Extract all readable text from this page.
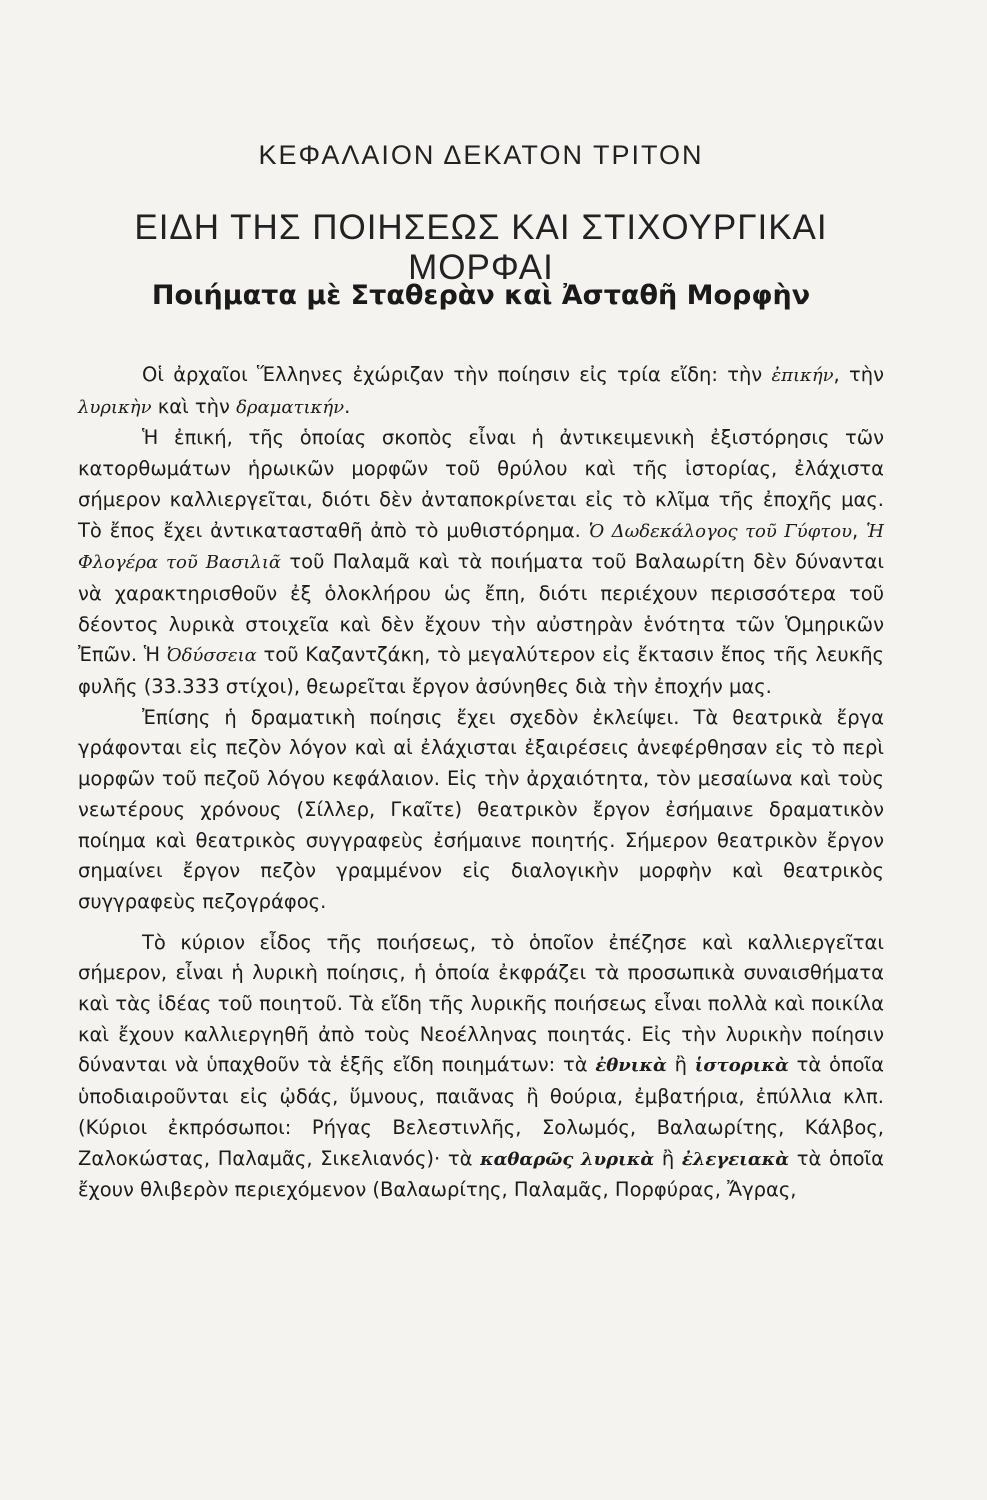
ΚΕΦΑΛΑΙΟΝ ΔΕΚΑΤΟΝ ΤΡΙΤΟΝ
ΕΙΔΗ ΤΗΣ ΠΟΙΗΣΕΩΣ ΚΑΙ ΣΤΙΧΟΥΡΓΙΚΑΙ ΜΟΡΦΑΙ
Ποιήματα μὲ Σταθερὰν καὶ Ἀσταθῆ Μορφὴν

Οἱ ἀρχαῖοι Ἕλληνες ἐχώριζαν τὴν ποίησιν εἰς τρία εἴδη: τὴν ἐπικήν, τὴν λυρικὴν καὶ τὴν δραματικήν.

Ἡ ἐπική, τῆς ὁποίας σκοπὸς εἶναι ἡ ἀντικειμενικὴ ἐξιστόρησις τῶν κατορθωμάτων ἡρωικῶν μορφῶν τοῦ θρύλου καὶ τῆς ἱστορίας, ἐλάχιστα σήμερον καλλιεργεῖται, διότι δὲν ἀνταποκρίνεται εἰς τὸ κλῖμα τῆς ἐποχῆς μας. Τὸ ἔπος ἔχει ἀντικατασταθῆ ἀπὸ τὸ μυθιστόρημα. Ὁ Δωδεκάλογος τοῦ Γύφτου, Ἡ Φλογέρα τοῦ Βασιλιᾶ τοῦ Παλαμᾶ καὶ τὰ ποιήματα τοῦ Βαλαωρίτη δὲν δύνανται νὰ χαρακτηρισθοῦν ἐξ ὁλοκλήρου ὡς ἔπη, διότι περιέχουν περισσότερα τοῦ δέοντος λυρικὰ στοιχεῖα καὶ δὲν ἔχουν τὴν αὐστηρὰν ἑνότητα τῶν Ὁμηρικῶν Ἐπῶν. Ἡ Ὀδύσσεια τοῦ Καζαντζάκη, τὸ μεγαλύτερον εἰς ἔκτασιν ἔπος τῆς λευκῆς φυλῆς (33.333 στίχοι), θεωρεῖται ἔργον ἀσύνηθες διὰ τὴν ἐποχήν μας.

Ἐπίσης ἡ δραματικὴ ποίησις ἔχει σχεδὸν ἐκλείψει. Τὰ θεατρικὰ ἔργα γράφονται εἰς πεζὸν λόγον καὶ αἱ ἐλάχισται ἐξαιρέσεις ἀνεφέρθησαν εἰς τὸ περὶ μορφῶν τοῦ πεζοῦ λόγου κεφάλαιον. Εἰς τὴν ἀρχαιότητα, τὸν μεσαίωνα καὶ τοὺς νεωτέρους χρόνους (Σίλλερ, Γκαῖτε) θεατρικὸν ἔργον ἐσήμαινε δραματικὸν ποίημα καὶ θεατρικὸς συγγραφεὺς ἐσήμαινε ποιητής. Σήμερον θεατρικὸν ἔργον σημαίνει ἔργον πεζὸν γραμμένον εἰς διαλογικὴν μορφὴν καὶ θεατρικὸς συγγραφεὺς πεζογράφος.

Τὸ κύριον εἶδος τῆς ποιήσεως, τὸ ὁποῖον ἐπέζησε καὶ καλλιεργεῖται σήμερον, εἶναι ἡ λυρικὴ ποίησις, ἡ ὁποία ἐκφράζει τὰ προσωπικὰ συναισθήματα καὶ τὰς ἰδέας τοῦ ποιητοῦ. Τὰ εἴδη τῆς λυρικῆς ποιήσεως εἶναι πολλὰ καὶ ποικίλα καὶ ἔχουν καλλιεργηθῆ ἀπὸ τοὺς Νεοέλληνας ποιητάς. Εἰς τὴν λυρικὴν ποίησιν δύνανται νὰ ὑπαχθοῦν τὰ ἑξῆς εἴδη ποιημάτων: τὰ ἐθνικὰ ἢ ἱστορικὰ τὰ ὁποῖα ὑποδιαιροῦνται εἰς ᾠδάς, ὕμνους, παιᾶνας ἢ θούρια, ἐμβατήρια, ἐπύλλια κλπ. (Κύριοι ἐκπρόσωποι: Ρήγας Βελεστινλῆς, Σολωμός, Βαλαωρίτης, Κάλβος, Ζαλοκώστας, Παλαμᾶς, Σικελιανός)· τὰ καθαρῶς λυρικὰ ἢ ἐλεγειακὰ τὰ ὁποῖα ἔχουν θλιβερὸν περιεχόμενον (Βαλαωρίτης, Παλαμᾶς, Πορφύρας, Ἄγρας,
